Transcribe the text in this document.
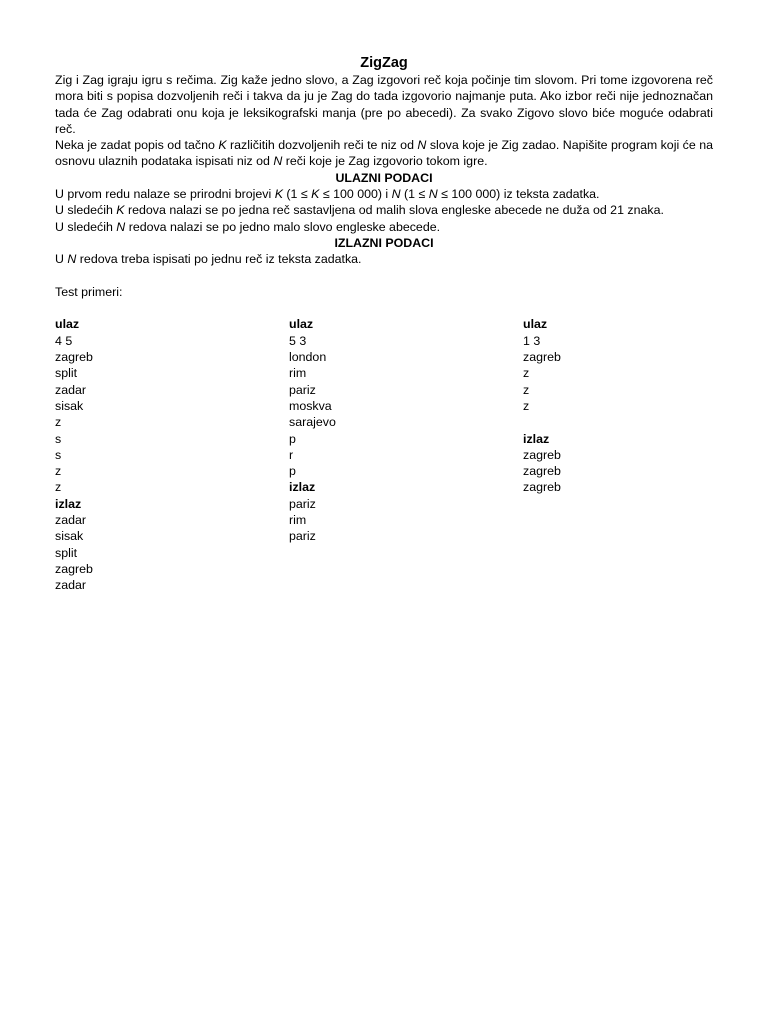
ZigZag

Zig i Zag igraju igru s rečima. Zig kaže jedno slovo, a Zag izgovori reč koja počinje tim slovom. Pri tome izgovorena reč mora biti s popisa dozvoljenih reči i takva da ju je Zag do tada izgovorio najmanje puta. Ako izbor reči nije jednoznačan tada će Zag odabrati onu koja je leksikografski manja (pre po abecedi). Za svako Zigovo slovo biće moguće odabrati reč.

Neka je zadat popis od tačno K različitih dozvoljenih reči te niz od N slova koje je Zig zadao. Napišite program koji će na osnovu ulaznih podataka ispisati niz od N reči koje je Zag izgovorio tokom igre.

ULAZNI PODACI

U prvom redu nalaze se prirodni brojevi K (1 ≤ K ≤ 100 000) i N (1 ≤ N ≤ 100 000) iz teksta zadatka.

U sledećih K redova nalazi se po jedna reč sastavljena od malih slova engleske abecede ne duža od 21 znaka.

U sledećih N redova nalazi se po jedno malo slovo engleske abecede.

IZLAZNI PODACI

U N redova treba ispisati po jednu reč iz teksta zadatka.

Test primeri:

ulaz

4 5

zagreb

split

zadar

sisak

z

s

s

z

z

izlaz

zadar

sisak

split

zagreb

zadar

ulaz

5 3

london

rim

pariz

moskva

sarajevo

p

r

p

izlaz

pariz

rim

pariz

ulaz

1 3

zagreb

z

z

z

izlaz

zagreb

zagreb

zagreb
